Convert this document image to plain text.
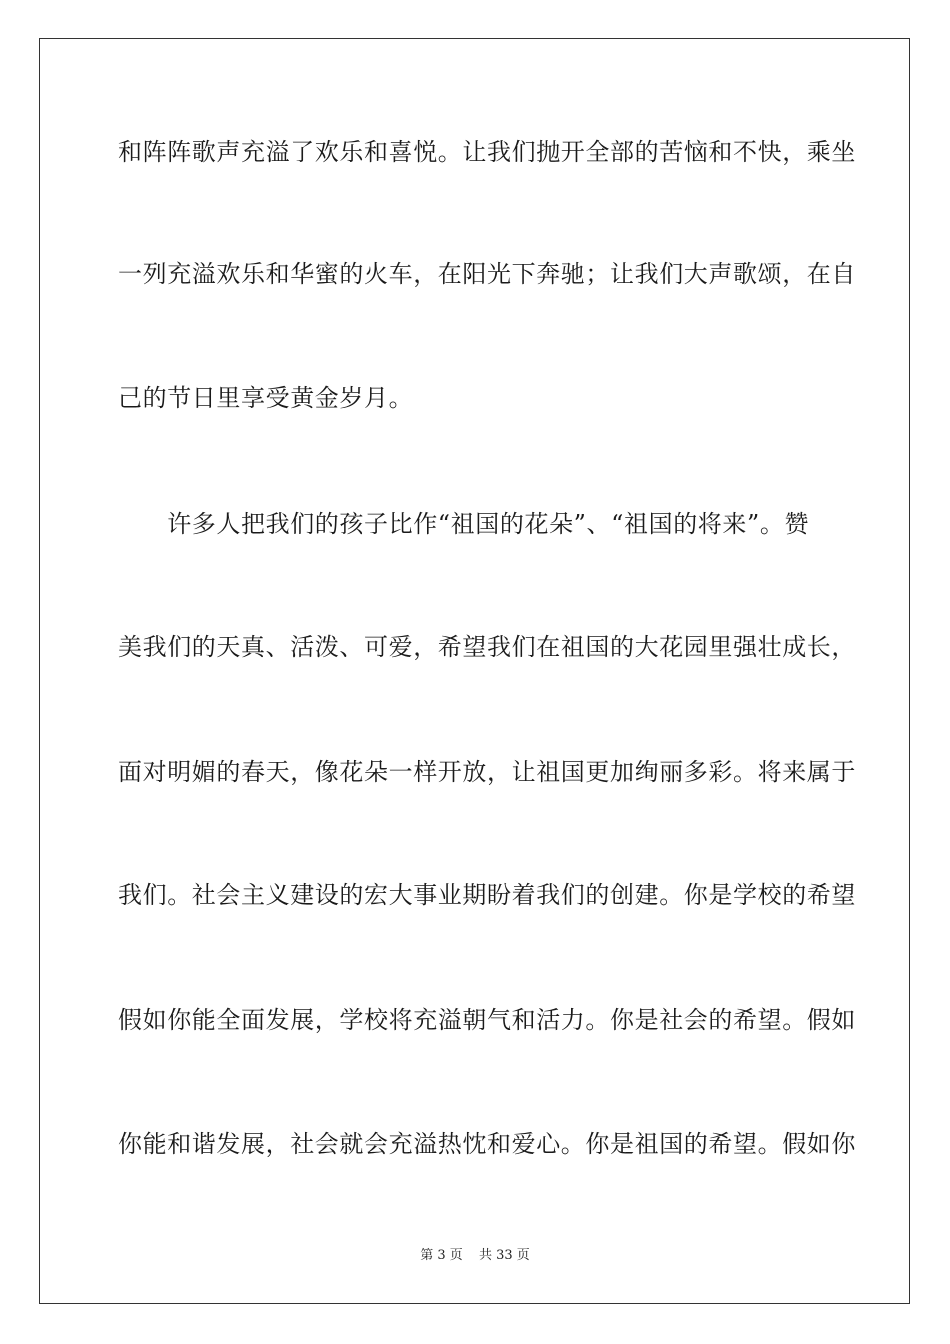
和阵阵歌声充溢了欢乐和喜悦。让我们抛开全部的苦恼和不快，乘坐
一列充溢欢乐和华蜜的火车，在阳光下奔驰；让我们大声歌颂，在自
己的节日里享受黄金岁月。
　　许多人把我们的孩子比作“祖国的花朵”、“祖国的将来”。赞
美我们的天真、活泼、可爱，希望我们在祖国的大花园里强壮成长，
面对明媚的春天，像花朵一样开放，让祖国更加绚丽多彩。将来属于
我们。社会主义建设的宏大事业期盼着我们的创建。你是学校的希望
假如你能全面发展，学校将充溢朝气和活力。你是社会的希望。假如
你能和谐发展，社会就会充溢热忱和爱心。你是祖国的希望。假如你
第 3 页 共 33 页
